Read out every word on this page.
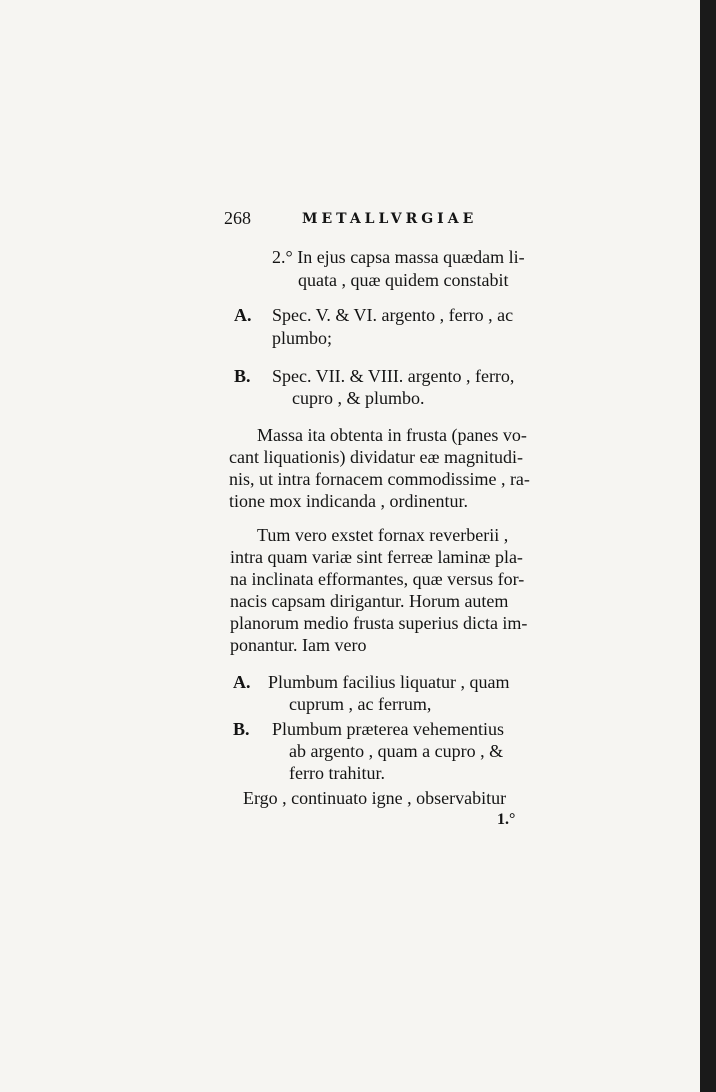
268	METALLVRGIAE
2.° In ejus capsa massa quædam li-
quata , quæ quidem constabit
A. Spec. V. & VI. argento , ferro , ac
plumbo;
B. Spec. VII. & VIII. argento , ferro,
cupro , & plumbo.
Massa ita obtenta in frusta (panes vo-
cant liquationis) dividatur eæ magnitudi-
nis, ut intra fornacem commodissime , ra-
tione mox indicanda , ordinentur.
Tum vero exstet fornax reverberii ,
intra quam variæ sint ferreæ laminæ pla-
na inclinata efformantes, quæ versus for-
nacis capsam dirigantur. Horum autem
planorum medio frusta superius dicta im-
ponantur. Iam vero
A. Plumbum facilius liquatur , quam
cuprum , ac ferrum,
B. Plumbum præterea vehementius
ab argento , quam a cupro , &
ferro trahitur.
Ergo , continuato igne , observabitur
1.°
